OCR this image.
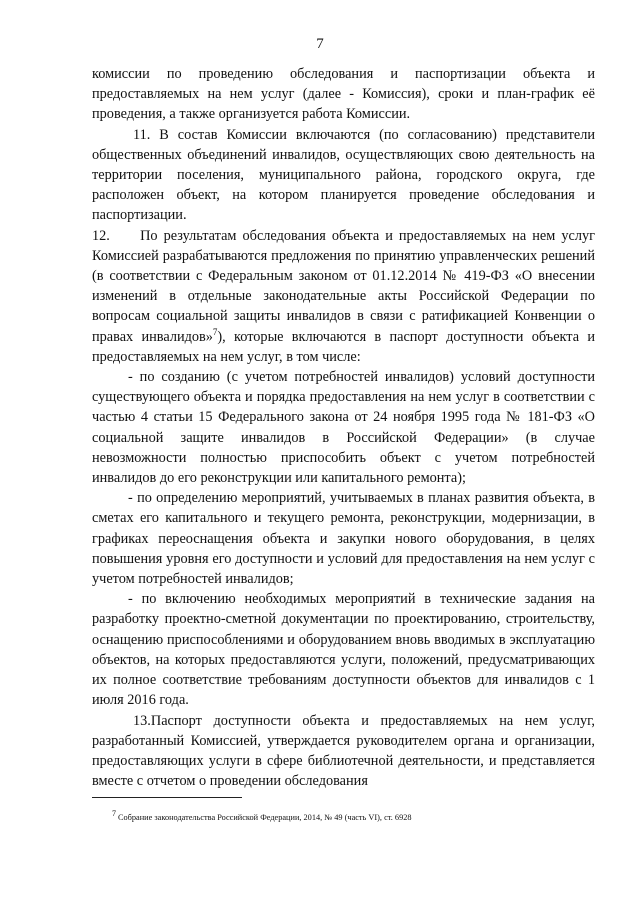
7

комиссии по проведению обследования и паспортизации объекта и предоставляемых на нем услуг (далее - Комиссия), сроки и план-график её проведения, а также организуется работа Комиссии.

11. В состав Комиссии включаются (по согласованию) представители общественных объединений инвалидов, осуществляющих свою деятельность на территории поселения, муниципального района, городского округа, где расположен объект, на котором планируется проведение обследования и паспортизации.

12.     По результатам обследования объекта и предоставляемых на нем услуг Комиссией разрабатываются предложения по принятию управленческих решений (в соответствии с Федеральным законом от 01.12.2014 № 419-ФЗ «О внесении изменений в отдельные законодательные акты Российской Федерации по вопросам социальной защиты инвалидов в связи с ратификацией Конвенции о правах инвалидов»$^7$), которые включаются в паспорт доступности объекта и предоставляемых на нем услуг, в том числе:

- по созданию (с учетом потребностей инвалидов) условий доступности существующего объекта и порядка предоставления на нем услуг в соответствии с частью 4 статьи 15 Федерального закона от 24 ноября 1995 года № 181-ФЗ «О социальной защите инвалидов в Российской Федерации» (в случае невозможности полностью приспособить объект с учетом потребностей инвалидов до его реконструкции или капитального ремонта);

- по определению мероприятий, учитываемых в планах развития объекта, в сметах его капитального и текущего ремонта, реконструкции, модернизации, в графиках переоснащения объекта и закупки нового оборудования, в целях повышения уровня его доступности и условий для предоставления на нем услуг с учетом потребностей инвалидов;

- по включению необходимых мероприятий в технические задания на разработку проектно-сметной документации по проектированию, строительству, оснащению приспособлениями и оборудованием вновь вводимых в эксплуатацию объектов, на которых предоставляются услуги, положений, предусматривающих их полное соответствие требованиям доступности объектов для инвалидов с 1 июля 2016 года.

13.Паспорт доступности объекта и предоставляемых на нем услуг, разработанный Комиссией, утверждается руководителем органа и организации, предоставляющих услуги в сфере библиотечной деятельности, и представляется вместе с отчетом о проведении обследования

$^7$ Собрание законодательства Российской Федерации, 2014, № 49 (часть VI), ст. 6928
